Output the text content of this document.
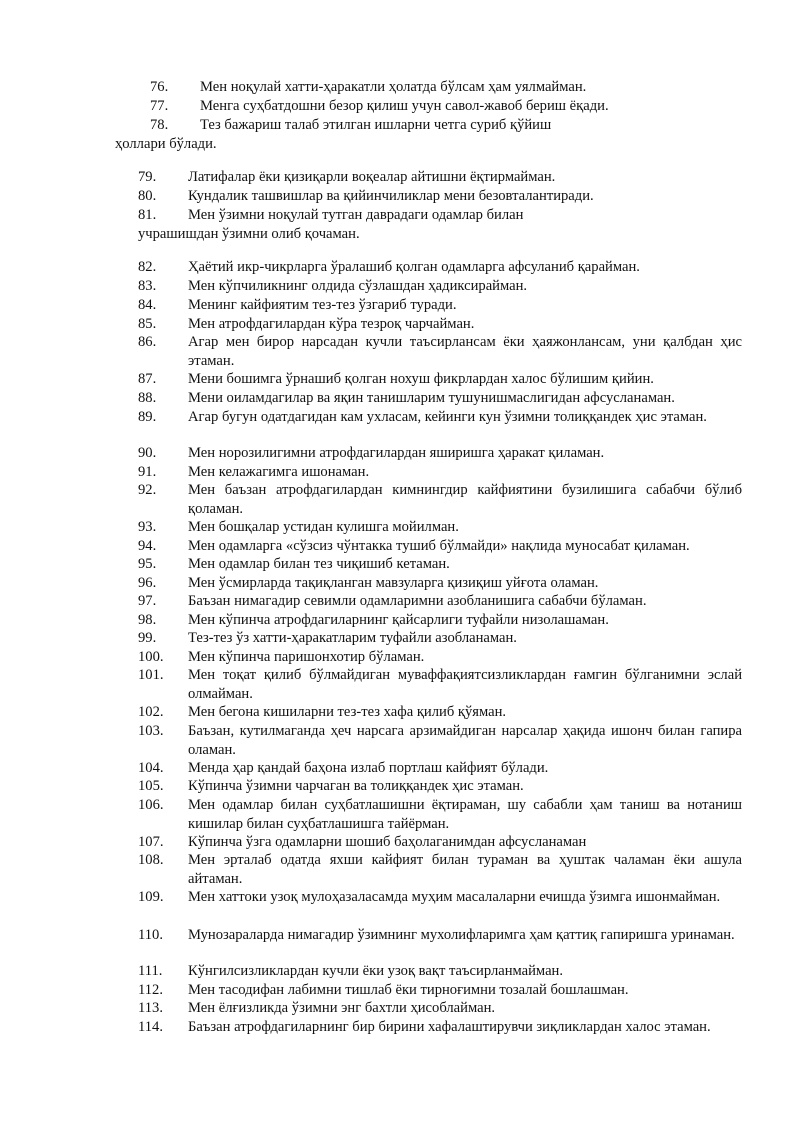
76. Мен ноқулай хатти-ҳаракатли ҳолатда бўлсам ҳам уялмайман.
77. Менга суҳбатдошни безор қилиш учун савол-жавоб бериш ёқади.
78. Тез бажариш талаб этилган ишларни четга суриб қўйиш
ҳоллари бўлади.
79. Латифалар ёки қизиқарли воқеалар айтишни ёқтирмайман.
80. Кундалик ташвишлар ва қийинчиликлар мени безовталантиради.
81. Мен ўзимни ноқулай тутган даврадаги одамлар билан
учрашишдан ўзимни олиб қочаман.
82. Ҳаётий икр-чикрларга ўралашиб қолган одамларга афсуланиб қарайман.
83. Мен кўпчиликнинг олдида сўзлашдан ҳадиксирайман.
84. Менинг кайфиятим тез-тез ўзгариб туради.
85. Мен атрофдагилардан кўра тезроқ чарчайман.
86. Агар мен бирор нарсадан кучли таъсирлансам ёки ҳаяжонлансам, уни қалбдан ҳис этаман.
87. Мени бошимга ўрнашиб қолган нохуш фикрлардан халос бўлишим қийин.
88. Мени оиламдагилар ва яқин танишларим тушунишмаслигидан афсусланаман.
89. Агар бугун одатдагидан кам ухласам, кейинги кун ўзимни толиққандек ҳис этаман.
90. Мен норозилигимни атрофдагилардан яширишга ҳаракат қиламан.
91. Мен келажагимга ишонаман.
92. Мен баъзан атрофдагилардан кимнингдир кайфиятини бузилишига сабабчи бўлиб қоламан.
93. Мен бошқалар устидан кулишга мойилман.
94. Мен одамларга «сўзсиз чўнтакка тушиб бўлмайди» нақлида муносабат қиламан.
95. Мен одамлар билан тез чиқишиб кетаман.
96. Мен ўсмирларда тақиқланган мавзуларга қизиқиш уйғота оламан.
97. Баъзан нимагадир севимли одамларимни азобланишига сабабчи бўламан.
98. Мен кўпинча атрофдагиларнинг қайсарлиги туфайли низолашаман.
99. Тез-тез ўз хатти-ҳаракатларим туфайли азобланаман.
100. Мен кўпинча паришонхотир бўламан.
101. Мен тоқат қилиб бўлмайдиган муваффақиятсизликлардан ғамгин бўлганимни эслай олмайман.
102. Мен бегона кишиларни тез-тез хафа қилиб қўяман.
103. Баъзан, кутилмаганда ҳеч нарсага арзимайдиган нарсалар ҳақида ишонч билан гапира оламан.
104. Менда ҳар қандай баҳона излаб портлаш кайфият бўлади.
105. Кўпинча ўзимни чарчаган ва толиққандек ҳис этаман.
106. Мен одамлар билан суҳбатлашишни ёқтираман, шу сабабли ҳам таниш ва нотаниш кишилар билан суҳбатлашишга тайёрман.
107. Кўпинча ўзга одамларни шошиб баҳолаганимдан афсусланаман
108. Мен эрталаб одатда яхши кайфият билан тураман ва ҳуштак чаламан ёки ашула айтаман.
109. Мен хаттоки узоқ мулоҳазаласамда муҳим масалаларни ечишда ўзимга ишонмайман.
110. Мунозараларда нимагадир ўзимнинг мухолифларимга ҳам қаттиқ гапиришга уринаман.
111. Кўнгилсизликлардан кучли ёки узоқ вақт таъсирланмайман.
112. Мен тасодифан лабимни тишлаб ёки тирноғимни тозалай бошлашман.
113. Мен ёлғизликда ўзимни энг бахтли ҳисоблайман.
114. Баъзан атрофдагиларнинг бир бирини хафалаштирувчи зиқликлардан халос этаман.
